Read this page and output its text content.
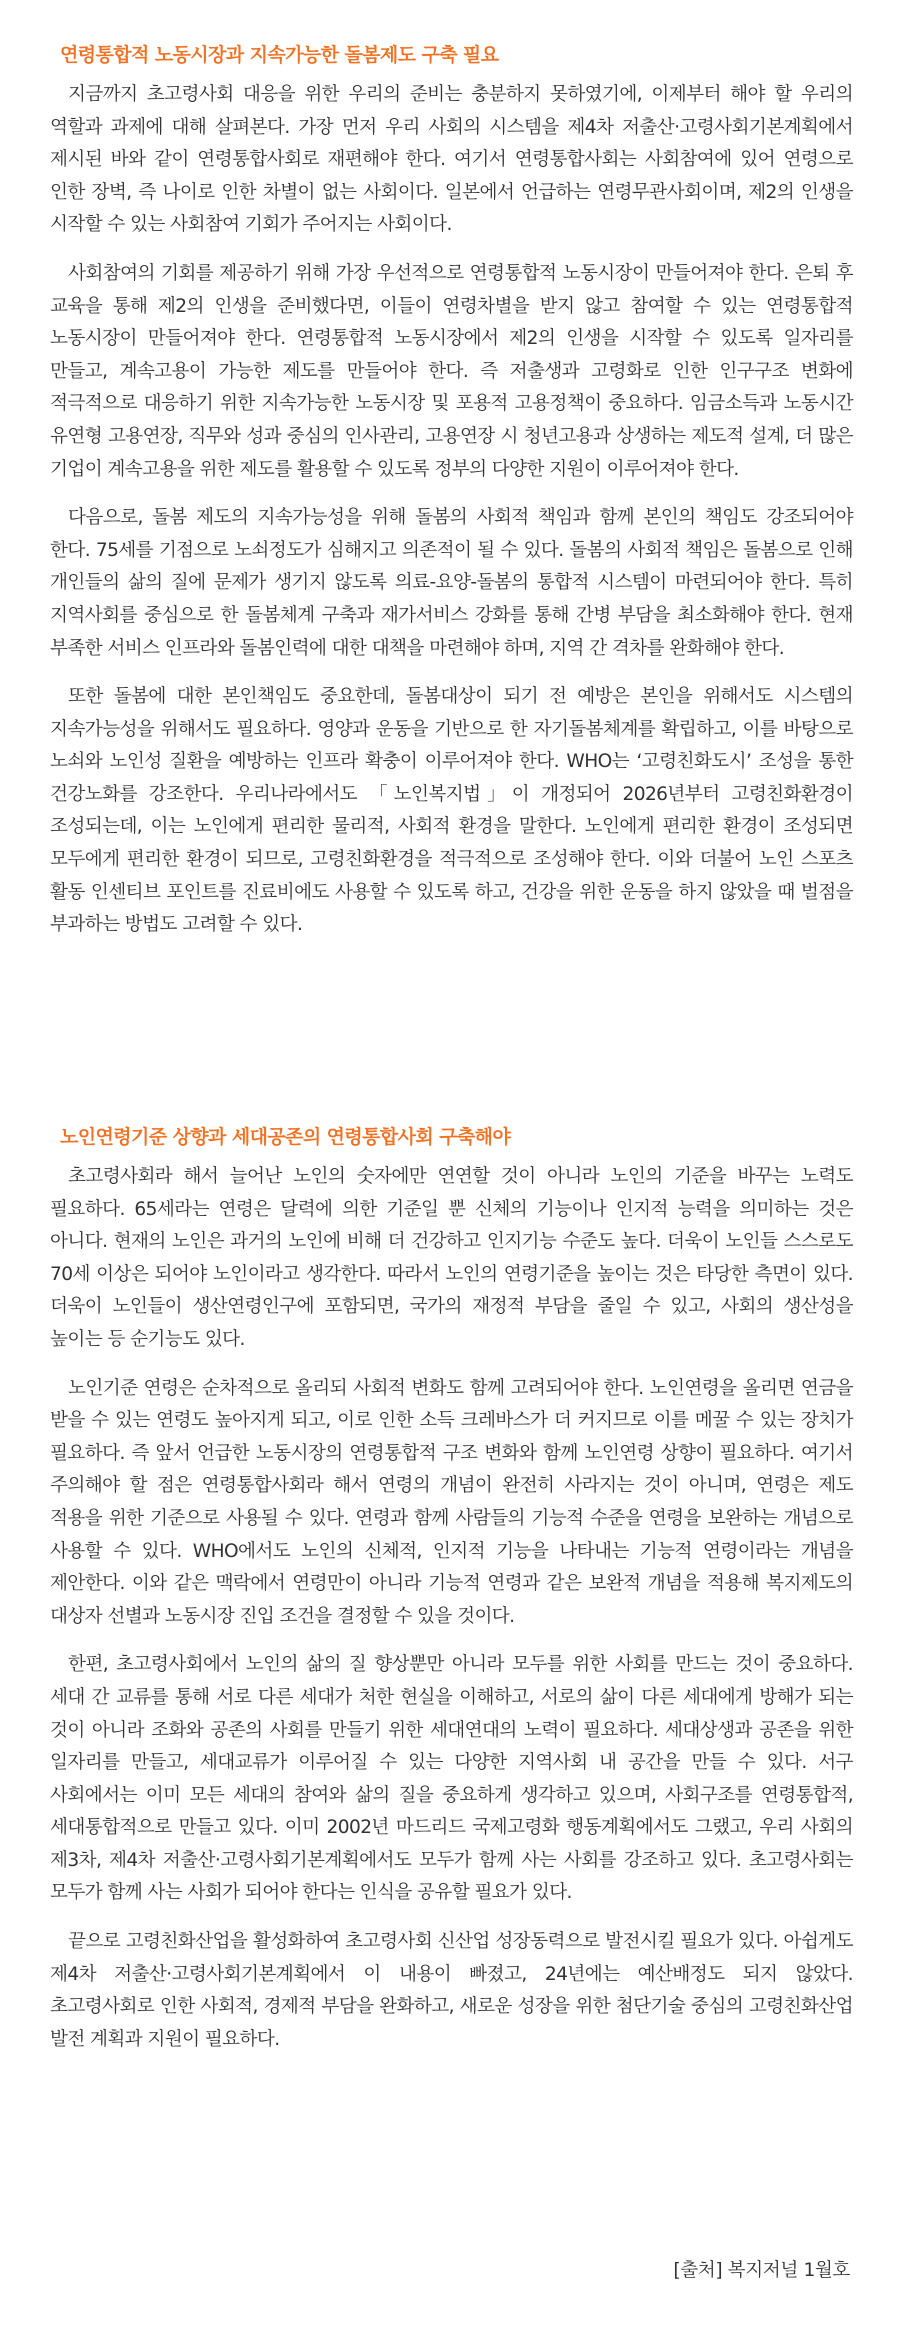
연령통합적 노동시장과 지속가능한 돌봄제도 구축 필요

지금까지 초고령사회 대응을 위한 우리의 준비는 충분하지 못하였기에, 이제부터 해야 할 우리의 역할과 과제에 대해 살펴본다. 가장 먼저 우리 사회의 시스템을 제4차 저출산·고령사회기본계획에서 제시된 바와 같이 연령통합사회로 재편해야 한다. 여기서 연령통합사회는 사회참여에 있어 연령으로 인한 장벽, 즉 나이로 인한 차별이 없는 사회이다. 일본에서 언급하는 연령무관사회이며, 제2의 인생을 시작할 수 있는 사회참여 기회가 주어지는 사회이다.

사회참여의 기회를 제공하기 위해 가장 우선적으로 연령통합적 노동시장이 만들어져야 한다. 은퇴 후 교육을 통해 제2의 인생을 준비했다면, 이들이 연령차별을 받지 않고 참여할 수 있는 연령통합적 노동시장이 만들어져야 한다. 연령통합적 노동시장에서 제2의 인생을 시작할 수 있도록 일자리를 만들고, 계속고용이 가능한 제도를 만들어야 한다. 즉 저출생과 고령화로 인한 인구구조 변화에 적극적으로 대응하기 위한 지속가능한 노동시장 및 포용적 고용정책이 중요하다. 임금소득과 노동시간 유연형 고용연장, 직무와 성과 중심의 인사관리, 고용연장 시 청년고용과 상생하는 제도적 설계, 더 많은 기업이 계속고용을 위한 제도를 활용할 수 있도록 정부의 다양한 지원이 이루어져야 한다.

다음으로, 돌봄 제도의 지속가능성을 위해 돌봄의 사회적 책임과 함께 본인의 책임도 강조되어야 한다. 75세를 기점으로 노쇠정도가 심해지고 의존적이 될 수 있다. 돌봄의 사회적 책임은 돌봄으로 인해 개인들의 삶의 질에 문제가 생기지 않도록 의료-요양-돌봄의 통합적 시스템이 마련되어야 한다. 특히 지역사회를 중심으로 한 돌봄체계 구축과 재가서비스 강화를 통해 간병 부담을 최소화해야 한다. 현재 부족한 서비스 인프라와 돌봄인력에 대한 대책을 마련해야 하며, 지역 간 격차를 완화해야 한다.

또한 돌봄에 대한 본인책임도 중요한데, 돌봄대상이 되기 전 예방은 본인을 위해서도 시스템의 지속가능성을 위해서도 필요하다. 영양과 운동을 기반으로 한 자기돌봄체계를 확립하고, 이를 바탕으로 노쇠와 노인성 질환을 예방하는 인프라 확충이 이루어져야 한다. WHO는 ‘고령친화도시’ 조성을 통한 건강노화를 강조한다. 우리나라에서도 「노인복지법」이 개정되어 2026년부터 고령친화환경이 조성되는데, 이는 노인에게 편리한 물리적, 사회적 환경을 말한다. 노인에게 편리한 환경이 조성되면 모두에게 편리한 환경이 되므로, 고령친화환경을 적극적으로 조성해야 한다. 이와 더불어 노인 스포츠 활동 인센티브 포인트를 진료비에도 사용할 수 있도록 하고, 건강을 위한 운동을 하지 않았을 때 벌점을 부과하는 방법도 고려할 수 있다.

노인연령기준 상향과 세대공존의 연령통합사회 구축해야

초고령사회라 해서 늘어난 노인의 숫자에만 연연할 것이 아니라 노인의 기준을 바꾸는 노력도 필요하다. 65세라는 연령은 달력에 의한 기준일 뿐 신체의 기능이나 인지적 능력을 의미하는 것은 아니다. 현재의 노인은 과거의 노인에 비해 더 건강하고 인지기능 수준도 높다. 더욱이 노인들 스스로도 70세 이상은 되어야 노인이라고 생각한다. 따라서 노인의 연령기준을 높이는 것은 타당한 측면이 있다. 더욱이 노인들이 생산연령인구에 포함되면, 국가의 재정적 부담을 줄일 수 있고, 사회의 생산성을 높이는 등 순기능도 있다.

노인기준 연령은 순차적으로 올리되 사회적 변화도 함께 고려되어야 한다. 노인연령을 올리면 연금을 받을 수 있는 연령도 높아지게 되고, 이로 인한 소득 크레바스가 더 커지므로 이를 메꿀 수 있는 장치가 필요하다. 즉 앞서 언급한 노동시장의 연령통합적 구조 변화와 함께 노인연령 상향이 필요하다. 여기서 주의해야 할 점은 연령통합사회라 해서 연령의 개념이 완전히 사라지는 것이 아니며, 연령은 제도 적용을 위한 기준으로 사용될 수 있다. 연령과 함께 사람들의 기능적 수준을 연령을 보완하는 개념으로 사용할 수 있다. WHO에서도 노인의 신체적, 인지적 기능을 나타내는 기능적 연령이라는 개념을 제안한다. 이와 같은 맥락에서 연령만이 아니라 기능적 연령과 같은 보완적 개념을 적용해 복지제도의 대상자 선별과 노동시장 진입 조건을 결정할 수 있을 것이다.

한편, 초고령사회에서 노인의 삶의 질 향상뿐만 아니라 모두를 위한 사회를 만드는 것이 중요하다. 세대 간 교류를 통해 서로 다른 세대가 처한 현실을 이해하고, 서로의 삶이 다른 세대에게 방해가 되는 것이 아니라 조화와 공존의 사회를 만들기 위한 세대연대의 노력이 필요하다. 세대상생과 공존을 위한 일자리를 만들고, 세대교류가 이루어질 수 있는 다양한 지역사회 내 공간을 만들 수 있다. 서구 사회에서는 이미 모든 세대의 참여와 삶의 질을 중요하게 생각하고 있으며, 사회구조를 연령통합적, 세대통합적으로 만들고 있다. 이미 2002년 마드리드 국제고령화 행동계획에서도 그랬고, 우리 사회의 제3차, 제4차 저출산·고령사회기본계획에서도 모두가 함께 사는 사회를 강조하고 있다. 초고령사회는 모두가 함께 사는 사회가 되어야 한다는 인식을 공유할 필요가 있다.

끝으로 고령친화산업을 활성화하여 초고령사회 신산업 성장동력으로 발전시킬 필요가 있다. 아쉽게도 제4차 저출산·고령사회기본계획에서 이 내용이 빠졌고, 24년에는 예산배정도 되지 않았다. 초고령사회로 인한 사회적, 경제적 부담을 완화하고, 새로운 성장을 위한 첨단기술 중심의 고령친화산업 발전 계획과 지원이 필요하다.

[출처] 복지저널 1월호
